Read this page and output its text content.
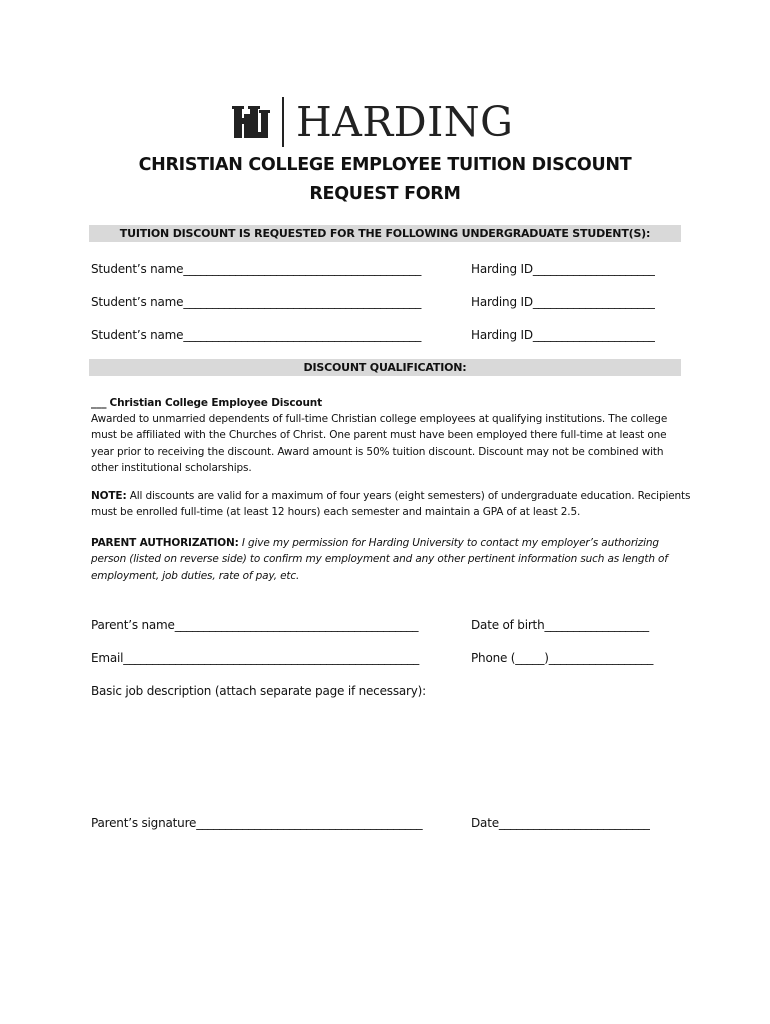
HARDING
CHRISTIAN COLLEGE EMPLOYEE TUITION DISCOUNT
REQUEST FORM
TUITION DISCOUNT IS REQUESTED FOR THE FOLLOWING UNDERGRADUATE STUDENT(S):
Student’s name_________________________________________	Harding ID_____________________
Student’s name_________________________________________	Harding ID_____________________
Student’s name_________________________________________	Harding ID_____________________
DISCOUNT QUALIFICATION:
___ Christian College Employee Discount
Awarded to unmarried dependents of full-time Christian college employees at qualifying institutions. The college must be affiliated with the Churches of Christ. One parent must have been employed there full-time at least one year prior to receiving the discount. Award amount is 50% tuition discount. Discount may not be combined with other institutional scholarships.
NOTE: All discounts are valid for a maximum of four years (eight semesters) of undergraduate education. Recipients must be enrolled full-time (at least 12 hours) each semester and maintain a GPA of at least 2.5.
PARENT AUTHORIZATION: I give my permission for Harding University to contact my employer’s authorizing person (listed on reverse side) to confirm my employment and any other pertinent information such as length of employment, job duties, rate of pay, etc.
Parent’s name__________________________________________	Date of birth__________________
Email___________________________________________________	Phone (_____)__________________
Basic job description (attach separate page if necessary):
Parent’s signature_______________________________________	Date__________________________
